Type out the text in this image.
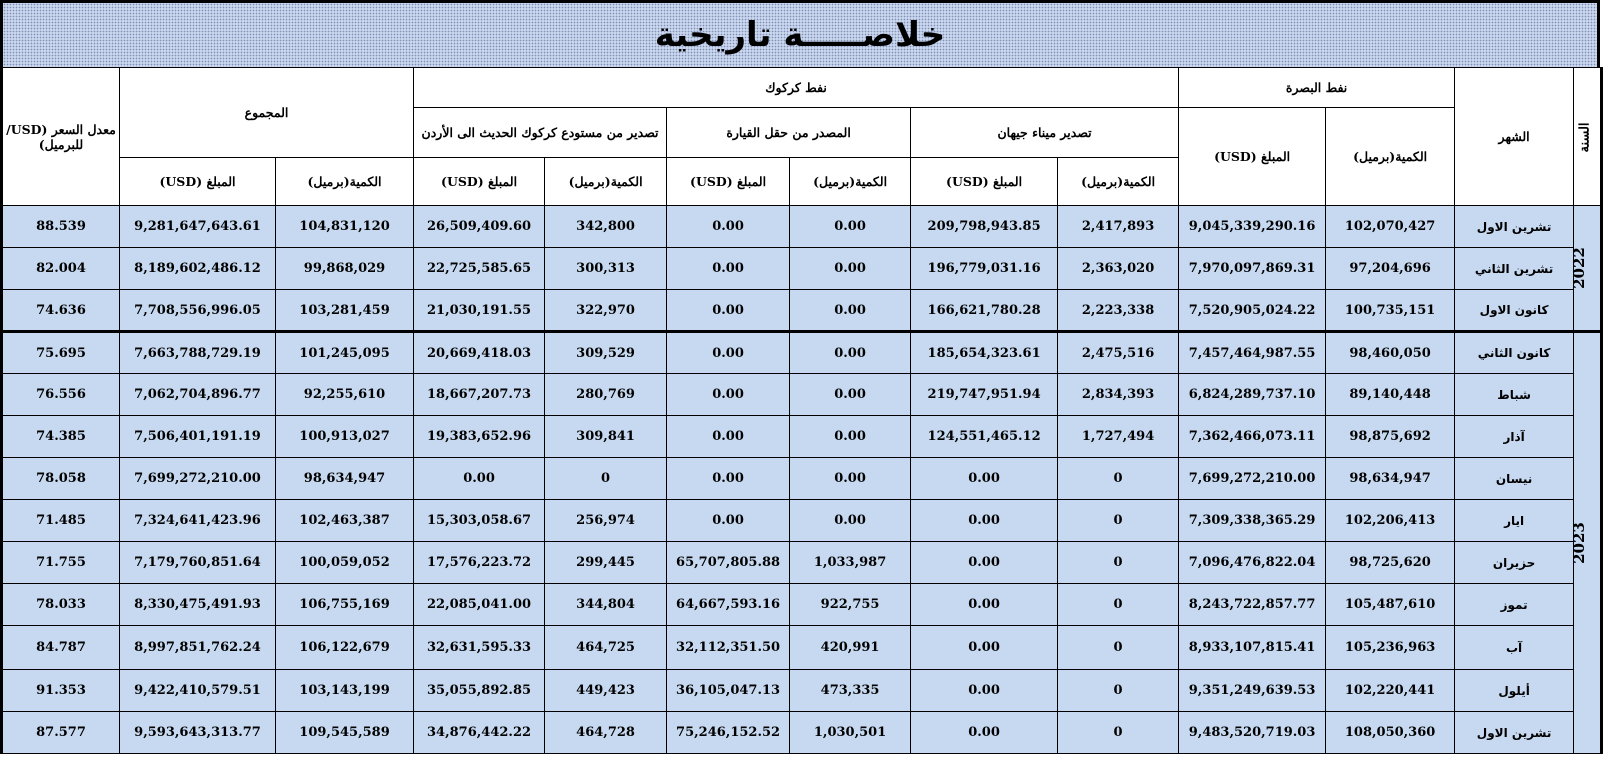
خلاصـــــة تاريخية
السنة	الشهر	نفط البصرة		نفط كركوك						المجموع		معدل السعر (USD/للبرميل)
		الكمية(برميل)	المبلغ (USD)	تصدير ميناء جيهان		المصدر من حقل القيارة		تصدير من مستودع كركوك الحديث الى الأردن				
				الكمية(برميل)	المبلغ (USD)	الكمية(برميل)	المبلغ (USD)	الكمية(برميل)	المبلغ (USD)	الكمية(برميل)	المبلغ (USD)	
2022	تشرين الاول	102,070,427	9,045,339,290.16	2,417,893	209,798,943.85	0.00	0.00	342,800	26,509,409.60	104,831,120	9,281,647,643.61	88.539
	تشرين الثاني	97,204,696	7,970,097,869.31	2,363,020	196,779,031.16	0.00	0.00	300,313	22,725,585.65	99,868,029	8,189,602,486.12	82.004
	كانون الاول	100,735,151	7,520,905,024.22	2,223,338	166,621,780.28	0.00	0.00	322,970	21,030,191.55	103,281,459	7,708,556,996.05	74.636
2023	كانون الثاني	98,460,050	7,457,464,987.55	2,475,516	185,654,323.61	0.00	0.00	309,529	20,669,418.03	101,245,095	7,663,788,729.19	75.695
	شباط	89,140,448	6,824,289,737.10	2,834,393	219,747,951.94	0.00	0.00	280,769	18,667,207.73	92,255,610	7,062,704,896.77	76.556
	آذار	98,875,692	7,362,466,073.11	1,727,494	124,551,465.12	0.00	0.00	309,841	19,383,652.96	100,913,027	7,506,401,191.19	74.385
	نيسان	98,634,947	7,699,272,210.00	0	0.00	0.00	0.00	0	0.00	98,634,947	7,699,272,210.00	78.058
	ايار	102,206,413	7,309,338,365.29	0	0.00	0.00	0.00	256,974	15,303,058.67	102,463,387	7,324,641,423.96	71.485
	حزيران	98,725,620	7,096,476,822.04	0	0.00	1,033,987	65,707,805.88	299,445	17,576,223.72	100,059,052	7,179,760,851.64	71.755
	تموز	105,487,610	8,243,722,857.77	0	0.00	922,755	64,667,593.16	344,804	22,085,041.00	106,755,169	8,330,475,491.93	78.033
	آب	105,236,963	8,933,107,815.41	0	0.00	420,991	32,112,351.50	464,725	32,631,595.33	106,122,679	8,997,851,762.24	84.787
	أيلول	102,220,441	9,351,249,639.53	0	0.00	473,335	36,105,047.13	449,423	35,055,892.85	103,143,199	9,422,410,579.51	91.353
	تشرين الاول	108,050,360	9,483,520,719.03	0	0.00	1,030,501	75,246,152.52	464,728	34,876,442.22	109,545,589	9,593,643,313.77	87.577
